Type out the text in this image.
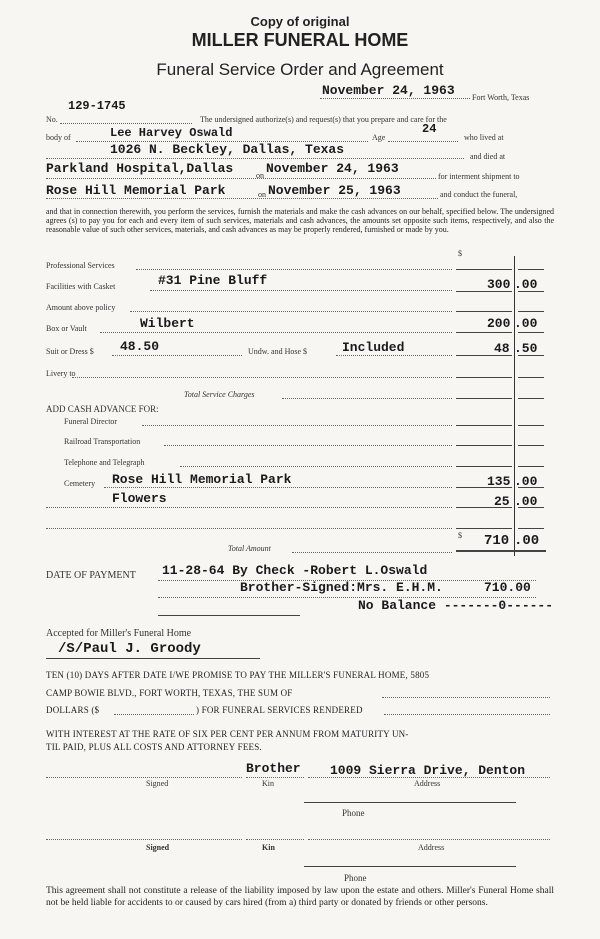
Copy of original
MILLER FUNERAL HOME
Funeral Service Order and Agreement
November 24, 1963 Fort Worth, Texas
129-1745
No.	The undersigned authorize(s) and request(s) that you prepare and care for the
body of	Lee Harvey Oswald	Age
24
who lived at
1026 N. Beckley, Dallas, Texas	and died at
Parkland Hospital,Dallas	on November 24, 1963
for interment shipment to
Rose Hill Memorial Park	on November 25, 1963	and conduct the funeral,
and that in connection therewith, you perform the services, furnish the materials and make the cash advances on our behalf, specified below. The undersigned agrees (s) to pay you for each and every item of such services, materials and cash advances, the amounts set opposite such items, respectively, and also the reasonable value of such other services, materials, and cash advances as may be properly rendered, furnished or made by you.
$
Professional Services
Facilities with Casket	#31 Pine Bluff	300 .00
Amount above policy
Box or Vault	Wilbert	200 .00
Suit or Dress $ 48.50	Undw. and Hose $	Included	48 .50
Livery to
Total Service Charges
ADD CASH ADVANCE FOR:
Funeral Director
Railroad Transportation
Telephone and Telegraph
Cemetery Rose Hill Memorial Park	135 .00
Flowers	25 .00
Total Amount
$ 710 .00
DATE OF PAYMENT 11-28-64 By Check -Robert L.Oswald
Brother-Signed:Mrs. E.H.M.	710.00
No Balance -------0------
Accepted for Miller's Funeral Home
/S/Paul J. Groody
TEN (10) DAYS AFTER DATE I/WE PROMISE TO PAY THE MILLER'S FUNERAL HOME, 5805
CAMP BOWIE BLVD., FORT WORTH, TEXAS, THE SUM OF
DOLLARS ($	) FOR FUNERAL SERVICES RENDERED
WITH INTEREST AT THE RATE OF SIX PER CENT PER ANNUM FROM MATURITY UN-
TIL PAID, PLUS ALL COSTS AND ATTORNEY FEES.
Brother 1009 Sierra Drive, Denton
Signed	Kin	Address
Phone
Signed	Kin	Address
Phone
This agreement shall not constitute a release of the liability imposed by law upon the estate and others. Miller's Funeral Home shall not be held liable for accidents to or caused by cars hired (from a) third party or donated by friends or other persons.
